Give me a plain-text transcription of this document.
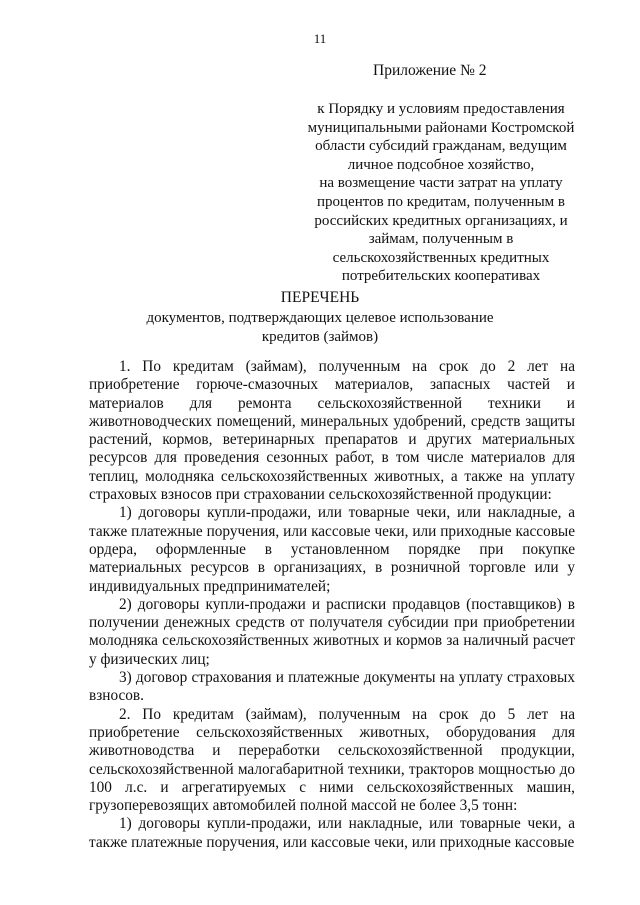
11
Приложение № 2
к Порядку и условиям предоставления
муниципальными районами Костромской
области субсидий гражданам, ведущим
личное подсобное хозяйство,
на возмещение части затрат на уплату
процентов по кредитам, полученным в
российских кредитных организациях, и
займам, полученным в
сельскохозяйственных кредитных
потребительских кооперативах
ПЕРЕЧЕНЬ
документов, подтверждающих целевое использование
кредитов (займов)

1. По кредитам (займам), полученным на срок до 2 лет на приобретение горюче-смазочных материалов, запасных частей и материалов для ремонта сельскохозяйственной техники и животноводческих помещений, минеральных удобрений, средств защиты растений, кормов, ветеринарных препаратов и других материальных ресурсов для проведения сезонных работ, в том числе материалов для теплиц, молодняка сельскохозяйственных животных, а также на уплату страховых взносов при страховании сельскохозяйственной продукции:

1) договоры купли-продажи, или товарные чеки, или накладные, а также платежные поручения, или кассовые чеки, или приходные кассовые ордера, оформленные в установленном порядке при покупке материальных ресурсов в организациях, в розничной торговле или у индивидуальных предпринимателей;

2) договоры купли-продажи и расписки продавцов (поставщиков) в получении денежных средств от получателя субсидии при приобретении молодняка сельскохозяйственных животных и кормов за наличный расчет у физических лиц;

3) договор страхования и платежные документы на уплату страховых взносов.

2. По кредитам (займам), полученным на срок до 5 лет на приобретение сельскохозяйственных животных, оборудования для животноводства и переработки сельскохозяйственной продукции, сельскохозяйственной малогабаритной техники, тракторов мощностью до 100 л.с. и агрегатируемых с ними сельскохозяйственных машин, грузоперевозящих автомобилей полной массой не более 3,5 тонн:

1) договоры купли-продажи, или накладные, или товарные чеки, а также платежные поручения, или кассовые чеки, или приходные кассовые
